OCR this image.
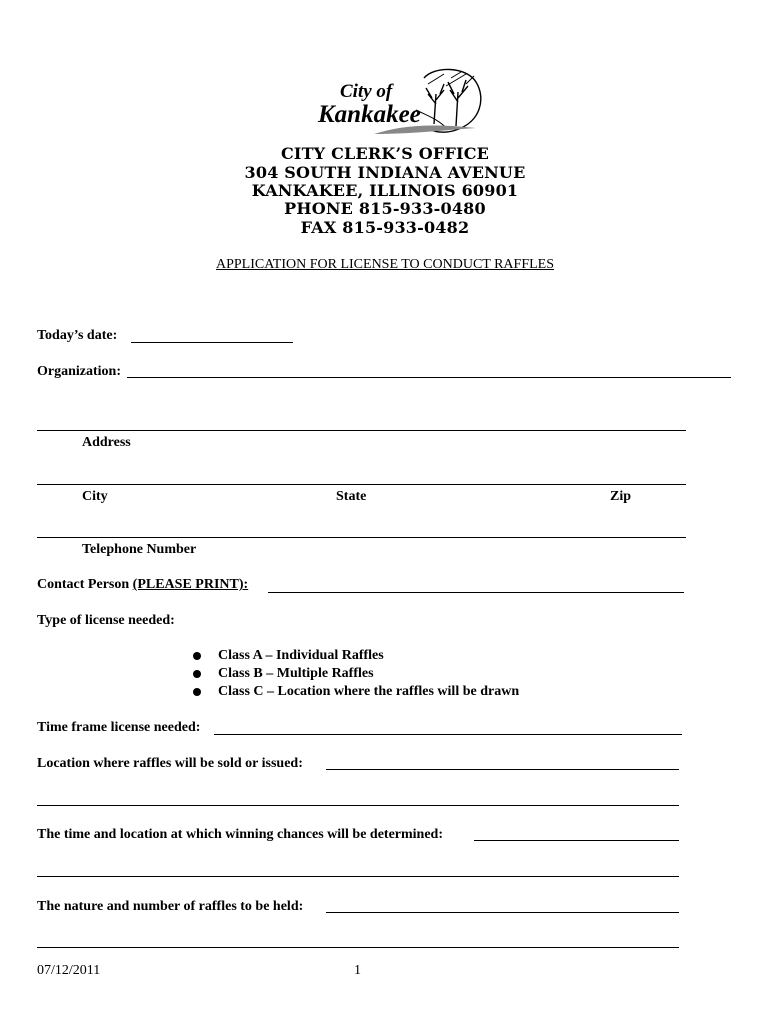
City of
Kankakee
CITY CLERK’S OFFICE
304 SOUTH INDIANA AVENUE
KANKAKEE, ILLINOIS 60901
PHONE 815-933-0480
FAX 815-933-0482
APPLICATION FOR LICENSE TO CONDUCT RAFFLES
Today’s date:
Organization:
Address
City	State	Zip
Telephone Number
Contact Person (PLEASE PRINT):
Type of license needed:
Class A – Individual Raffles
Class B – Multiple Raffles
Class C – Location where the raffles will be drawn
Time frame license needed:
Location where raffles will be sold or issued:
The time and location at which winning chances will be determined:
The nature and number of raffles to be held:
07/12/2011	1
